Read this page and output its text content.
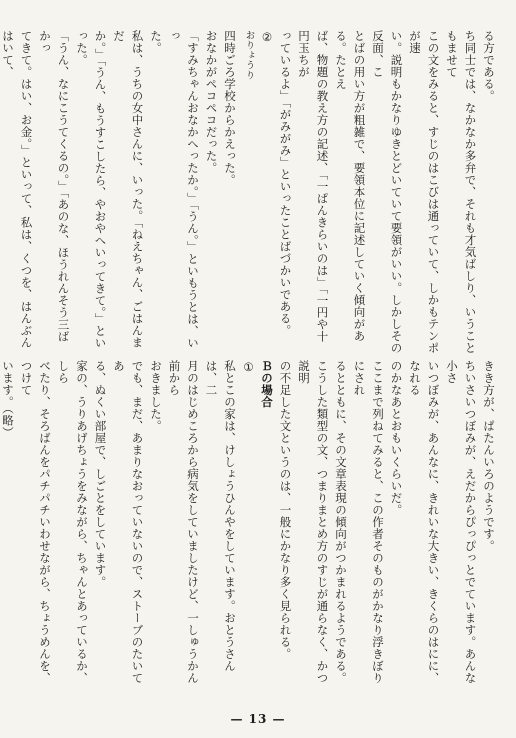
る方である。
ち同士では、なかなか多弁で、それも才気ばしり、いうこともませて
この文をみると、すじのはこびは通っていて、しかもテンポが速
い。説明もかなりゆきとどいていて要領がいい。しかしその反面、こ
とばの用い方が粗雑で、要領本位に記述していく傾向がある。たとえ
ば、物題の教え方の記述、「一ぱんきらいのは」「一円や十円玉ちが
っているよ」「がみがみ」といったことばづかいである。
②
おりょうり
四時ごろ学校からかえった。
おなかがペコペコだった。
「すみちゃんおなかへったか。」「うん。」といもうとは、いっ
た。
私は、うちの女中さんに、いった。「ねえちゃん、ごはんまだ
か。」「うん、もうすこしたら、やおやへいってきて。」といった。
「うん、なにこうてくるの。」「あのな、ほうれんそう三ばかっ
てきて。はい、お金。」といって、私は、くつを、はんぶんはいて、
きき方が、ぱたんいろのようです。
ちいさいつぼみが、えだからぴっぴっとでています。あんな小さ
いつぼみが、あんなに、きれいな大きい、きくらのはにに、なれる
のかなあとおもいくらいだ。
ここまで列ねてみると、この作者そのものがかなり浮きぼりにされ
るとともに、その文章表現の傾向がつかまれるようである。
こうした類型の文、つまりまとめ方のすじが通らなく、かつ説明
の不足した文というのは、一般にかなり多く見られる。
Ｂの場合
①
私とこの家は、けしょうひんやをしています。おとうさんは、二
月のはじめころから病気をしていましたけど、一しゅうかん前から
おきました。
でも、まだ、あまりなおっていないので、ストーブのたいてあ
る、ぬくい部屋で、しごとをしています。
家の、うりあげちょうをみながら、ちゃんとあっているか、しら
べたり、そろばんをパチパチいわせながら、ちょうめんを、つけて
います。（略）
— 13 —
